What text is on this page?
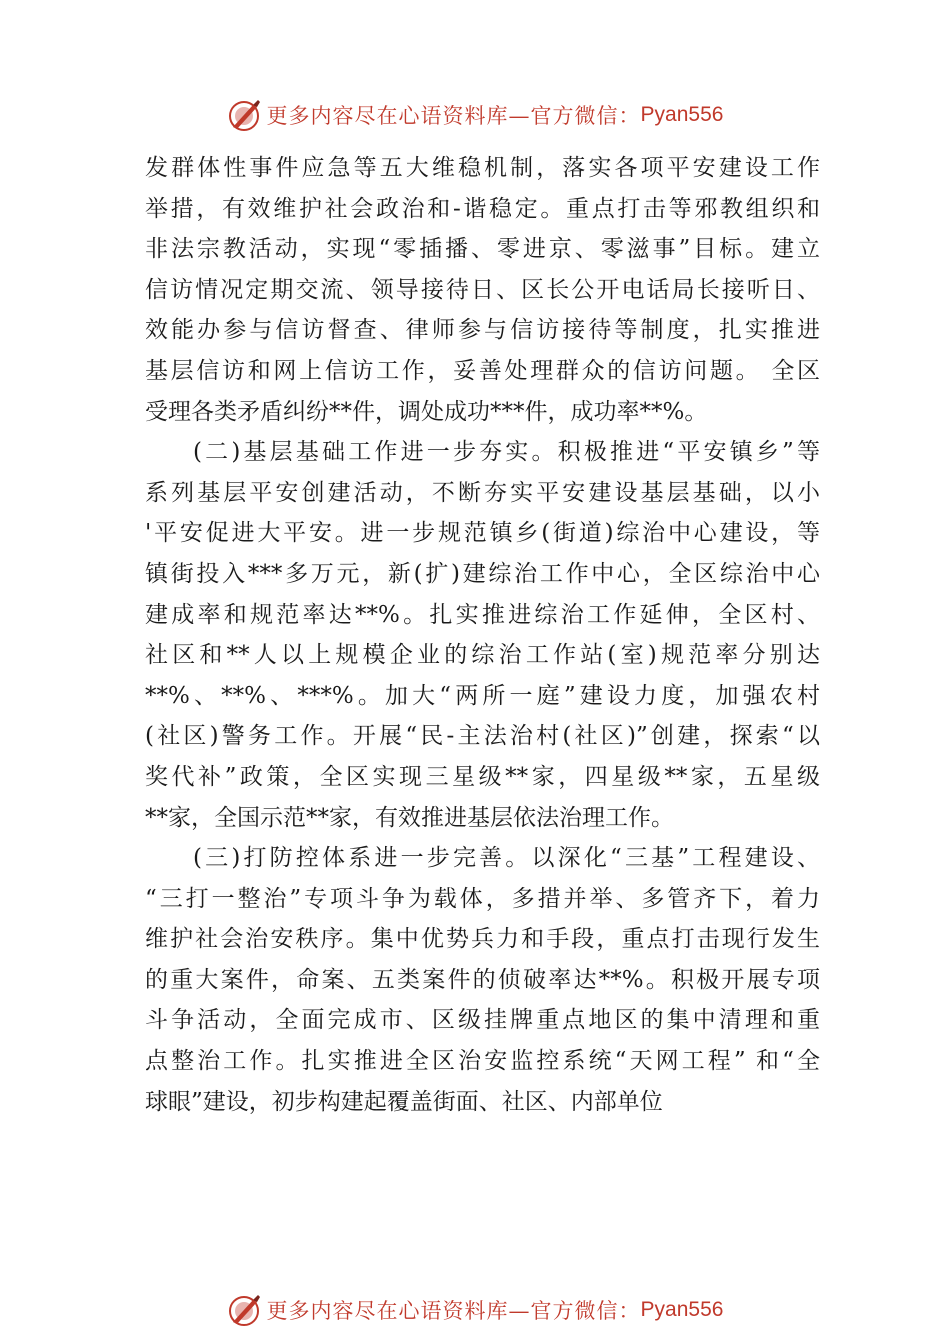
更多内容尽在心语资料库—官方微信： Pyan556
发群体性事件应急等五大维稳机制，落实各项平安建设工作
举措，有效维护社会政治和-谐稳定。重点打击等邪教组织和
非法宗教活动，实现“零插播、零进京、零滋事”目标。建立
信访情况定期交流、领导接待日、区长公开电话局长接听日、
效能办参与信访督查、律师参与信访接待等制度，扎实推进
基层信访和网上信访工作，妥善处理群众的信访问题。 全区
受理各类矛盾纠纷**件，调处成功***件，成功率**%。
(二)基层基础工作进一步夯实。积极推进“平安镇乡”等
系列基层平安创建活动，不断夯实平安建设基层基础，以小
'平安促进大平安。进一步规范镇乡(街道)综治中心建设，等
镇街投入***多万元，新(扩)建综治工作中心，全区综治中心
建成率和规范率达**%。扎实推进综治工作延伸，全区村、
社区和**人以上规模企业的综治工作站(室)规范率分别达
**%、**%、***%。加大“两所一庭”建设力度，加强农村
(社区)警务工作。开展“民-主法治村(社区)”创建，探索“以
奖代补”政策，全区实现三星级**家，四星级**家，五星级
**家，全国示范**家，有效推进基层依法治理工作。
(三)打防控体系进一步完善。以深化“三基”工程建设、
“三打一整治”专项斗争为载体，多措并举、多管齐下，着力
维护社会治安秩序。集中优势兵力和手段，重点打击现行发生
的重大案件，命案、五类案件的侦破率达**%。积极开展专项
斗争活动，全面完成市、区级挂牌重点地区的集中清理和重
点整治工作。扎实推进全区治安监控系统“天网工程” 和“全
球眼”建设，初步构建起覆盖街面、社区、内部单位
更多内容尽在心语资料库—官方微信： Pyan556
